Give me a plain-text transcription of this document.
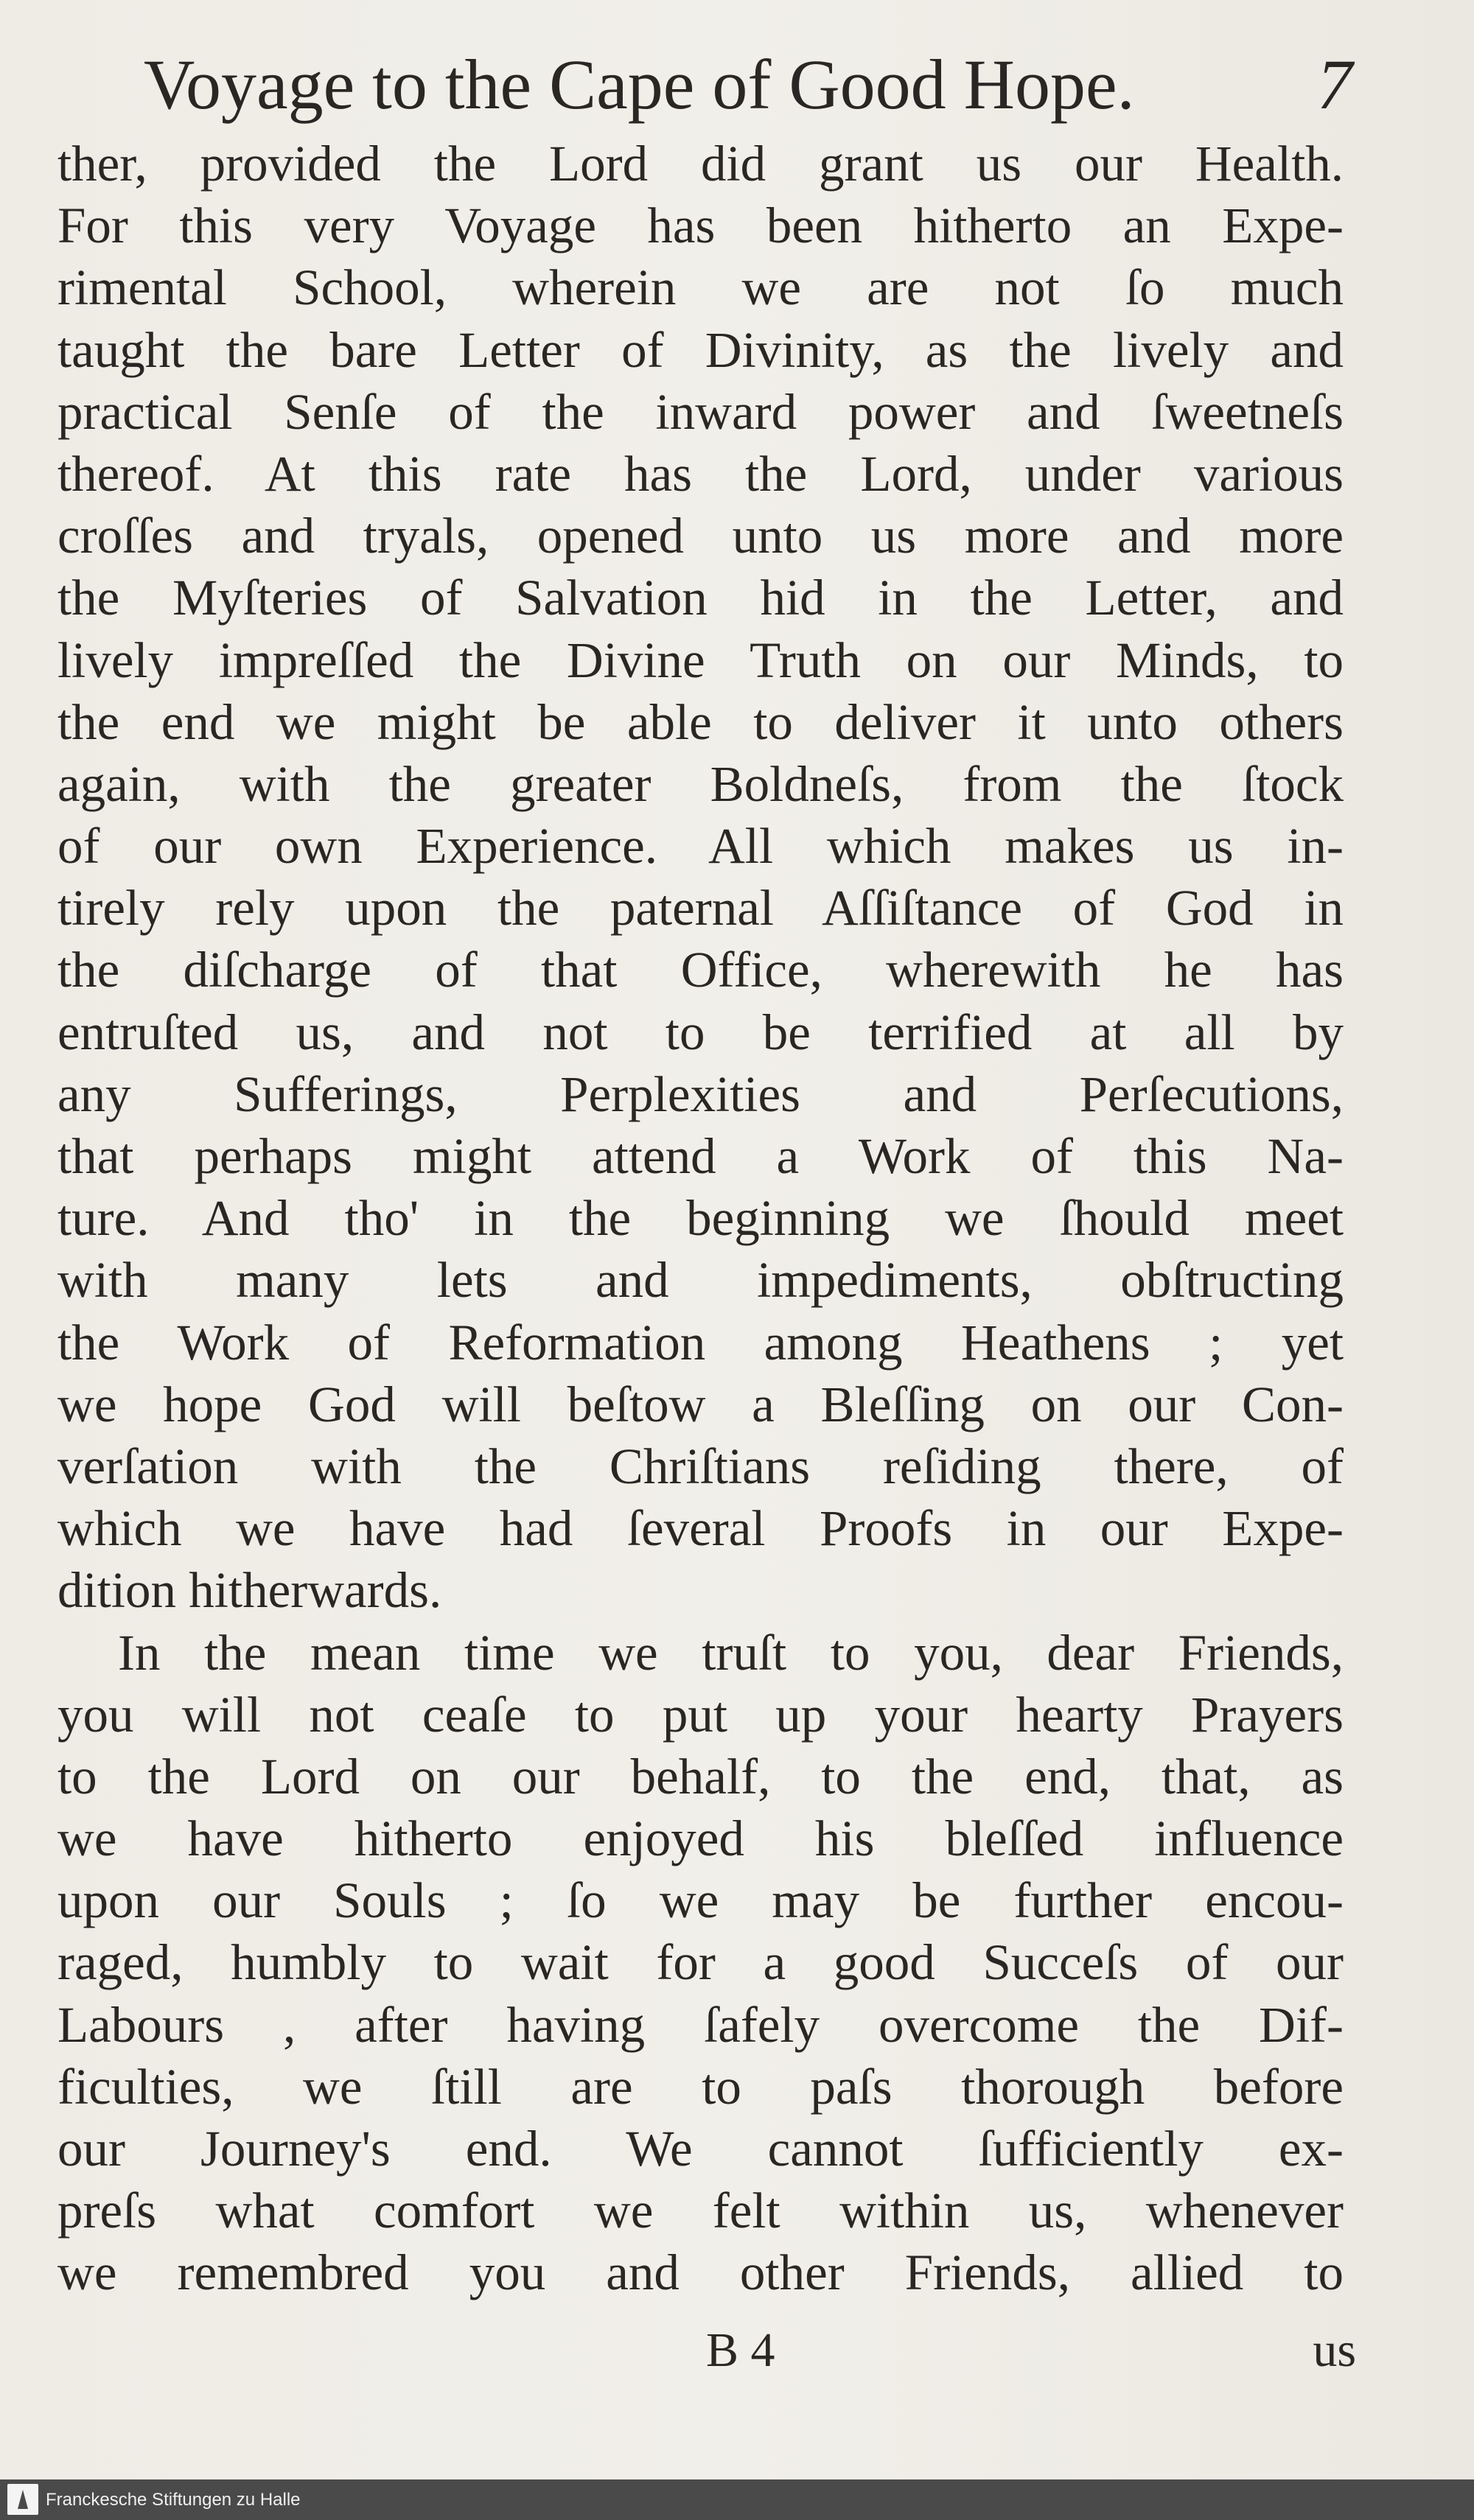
Voyage to the Cape of Good Hope.	7
ther, provided the Lord did grant us our Health.
For this very Voyage has been hitherto an Expe-
rimental School, wherein we are not ſo much
taught the bare Letter of Divinity, as the lively and
practical Senſe of the inward power and ſweetneſs
thereof. At this rate has the Lord, under various
croſſes and tryals, opened unto us more and more
the Myſteries of Salvation hid in the Letter, and
lively impreſſed the Divine Truth on our Minds, to
the end we might be able to deliver it unto others
again, with the greater Boldneſs, from the ſtock
of our own Experience. All which makes us in-
tirely rely upon the paternal Aſſiſtance of God in
the diſcharge of that Office, wherewith he has
entruſted us, and not to be terrified at all by
any Sufferings, Perplexities and Perſecutions,
that perhaps might attend a Work of this Na-
ture. And tho' in the beginning we ſhould meet
with many lets and impediments, obſtructing
the Work of Reformation among Heathens ; yet
we hope God will beſtow a Bleſſing on our Con-
verſation with the Chriſtians reſiding there, of
which we have had ſeveral Proofs in our Expe-
dition hitherwards.
In the mean time we truſt to you, dear Friends,
you will not ceaſe to put up your hearty Prayers
to the Lord on our behalf, to the end, that, as
we have hitherto enjoyed his bleſſed influence
upon our Souls ; ſo we may be further encou-
raged, humbly to wait for a good Succeſs of our
Labours , after having ſafely overcome the Dif-
ficulties, we ſtill are to paſs thorough before
our Journey's end. We cannot ſufficiently ex-
preſs what comfort we felt within us, whenever
we remembred you and other Friends, allied to
B 4	us
Franckesche Stiftungen zu Halle
